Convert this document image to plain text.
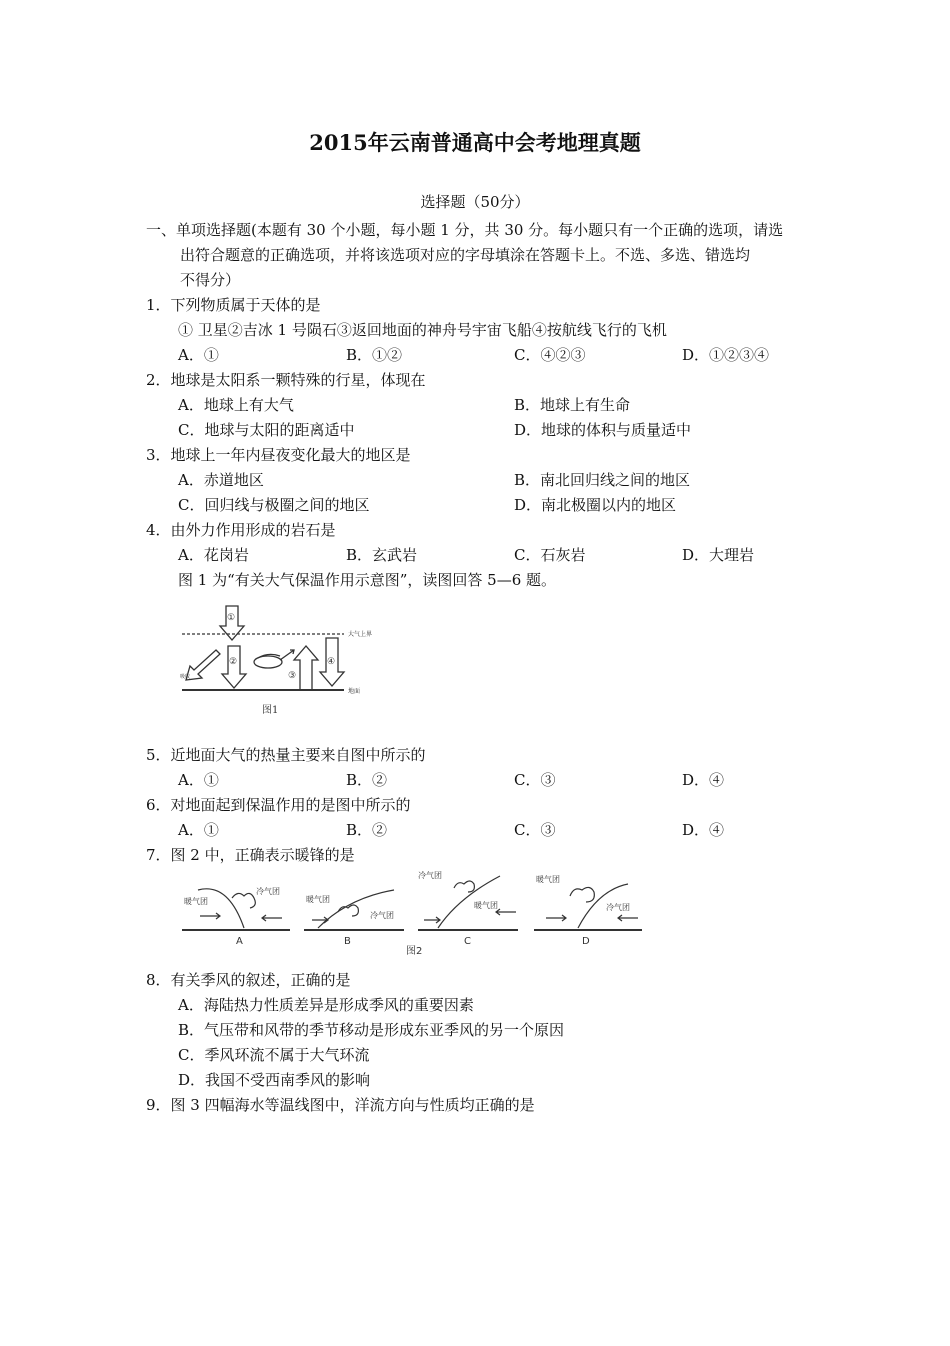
2015年云南普通高中会考地理真题
选择题（50分）
一、单项选择题(本题有 30 个小题，每小题 1 分，共 30 分。每小题只有一个正确的选项，请选
出符合题意的正确选项，并将该选项对应的字母填涂在答题卡上。不选、多选、错选均
不得分）
1．下列物质属于天体的是
① 卫星②吉冰 1 号陨石③返回地面的神舟号宇宙飞船④按航线飞行的飞机
A．①	B．①②	C．④②③	D．①②③④
2．地球是太阳系一颗特殊的行星，体现在
A．地球上有大气	B．地球上有生命
C．地球与太阳的距离适中	D．地球的体积与质量适中
3．地球上一年内昼夜变化最大的地区是
A．赤道地区	B．南北回归线之间的地区
C．回归线与极圈之间的地区	D．南北极圈以内的地区
4．由外力作用形成的岩石是
A．花岗岩	B．玄武岩	C．石灰岩	D．大理岩
图 1 为“有关大气保温作用示意图”，读图回答 5—6 题。
大气上界
地面
①
②
吸收	③
④
图1
5．近地面大气的热量主要来自图中所示的
A．①	B．②	C．③	D．④
6．对地面起到保温作用的是图中所示的
A．①	B．②	C．③	D．④
7．图 2 中，正确表示暖锋的是
暖气团
冷气团
A
暖气团
冷气团
B
冷气团
暖气团
C
暖气团
冷气团
D
图2
8．有关季风的叙述，正确的是
A．海陆热力性质差异是形成季风的重要因素
B．气压带和风带的季节移动是形成东亚季风的另一个原因
C．季风环流不属于大气环流
D．我国不受西南季风的影响
9．图 3 四幅海水等温线图中，洋流方向与性质均正确的是
